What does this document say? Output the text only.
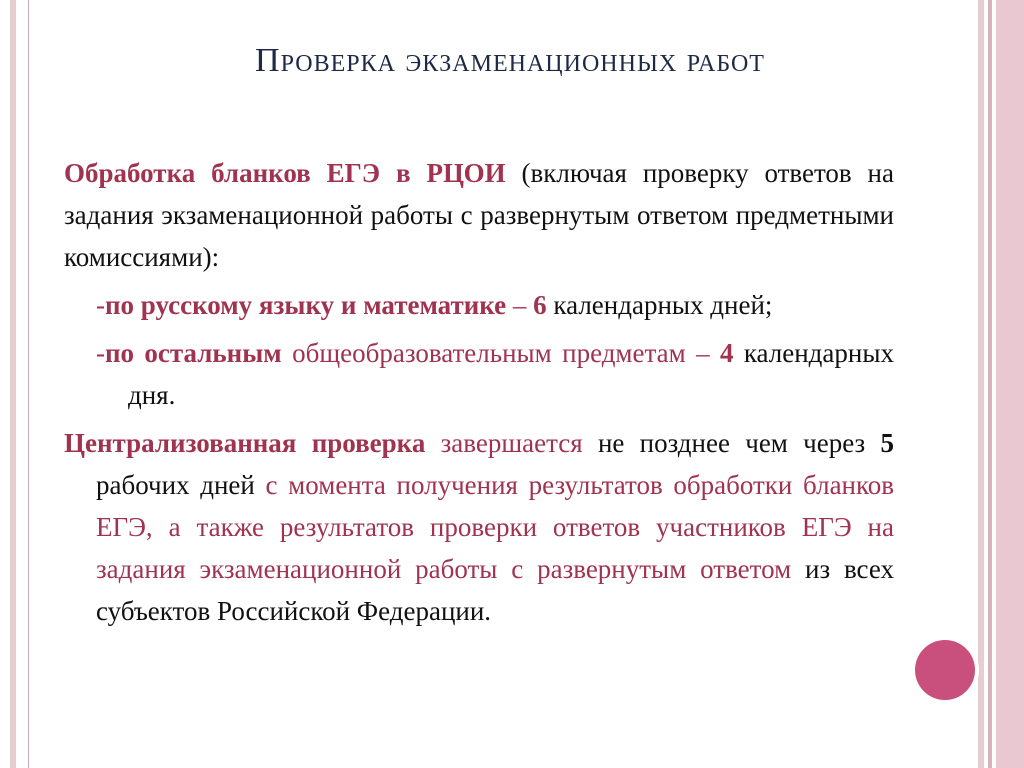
Проверка экзаменационных работ

Обработка бланков ЕГЭ в РЦОИ (включая проверку ответов на задания экзаменационной работы с развернутым ответом предметными комиссиями):

-по русскому языку и математике – 6 календарных дней;

-по остальным общеобразовательным предметам – 4 календарных дня.

Централизованная проверка завершается не позднее чем через 5 рабочих дней с момента получения результатов обработки бланков ЕГЭ, а также результатов проверки ответов участников ЕГЭ на задания экзаменационной работы с развернутым ответом из всех субъектов Российской Федерации.
